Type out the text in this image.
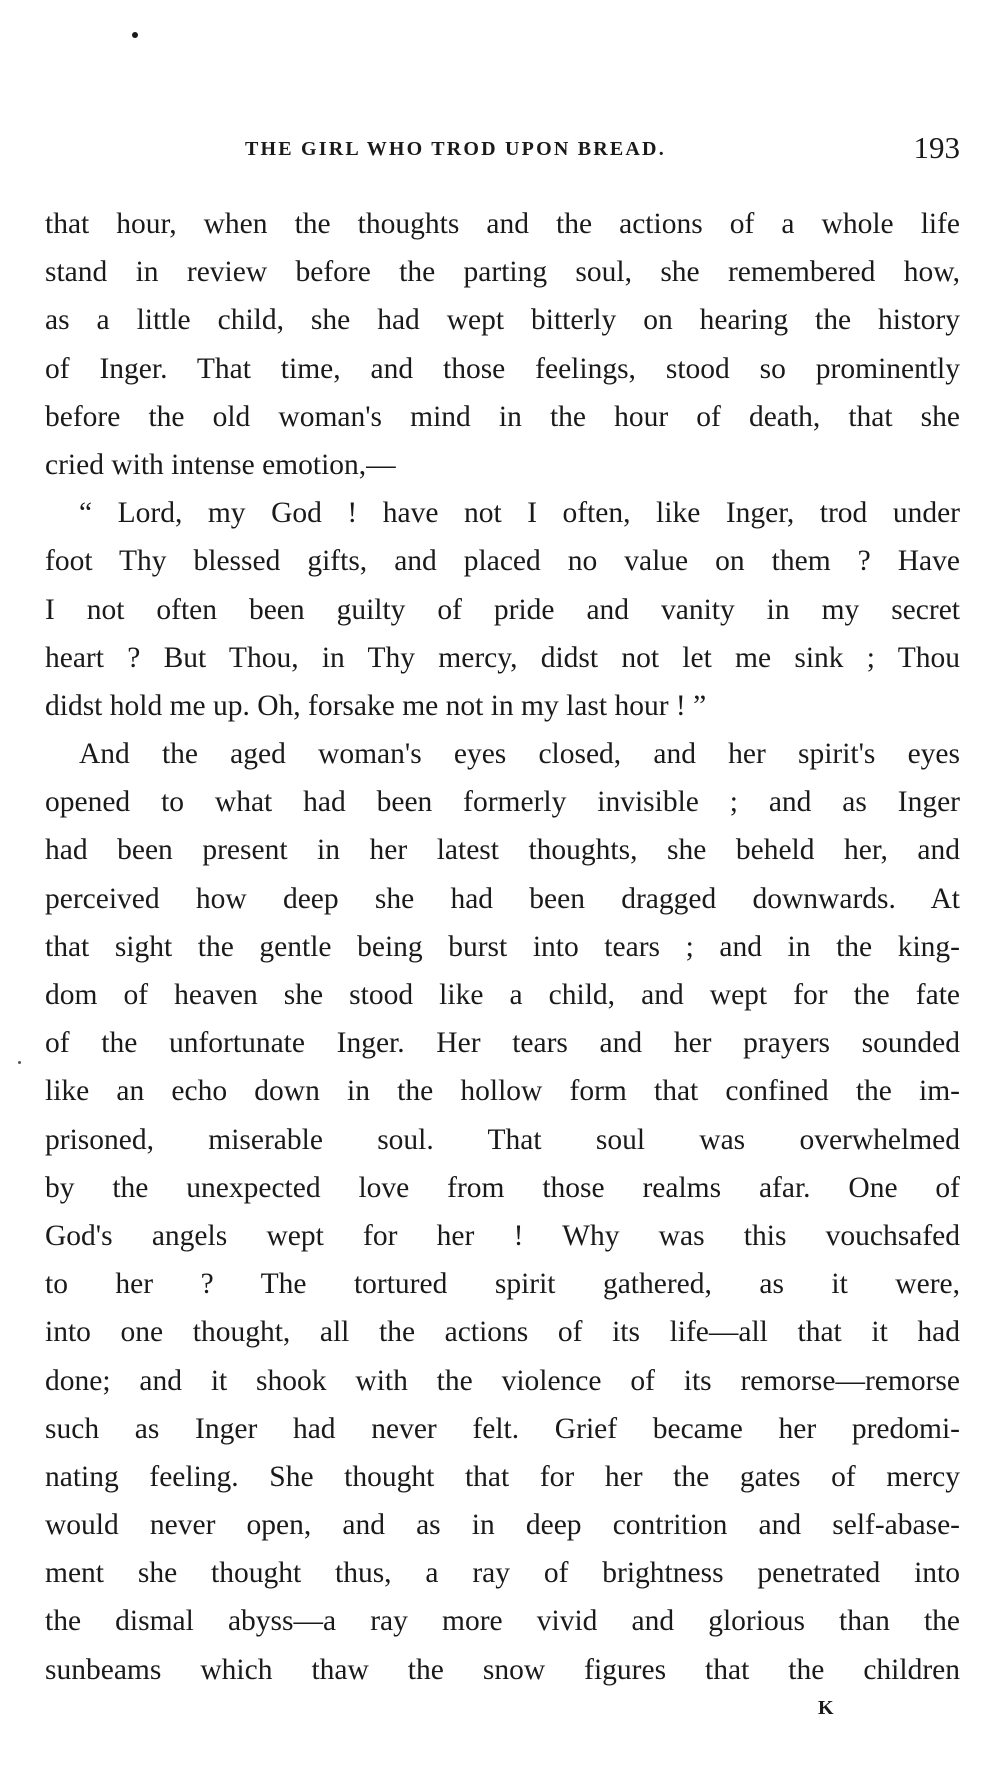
THE GIRL WHO TROD UPON BREAD.	193
that hour, when the thoughts and the actions of a whole life
stand in review before the parting soul, she remembered how,
as a little child, she had wept bitterly on hearing the history
of Inger. That time, and those feelings, stood so prominently
before the old woman's mind in the hour of death, that she
cried with intense emotion,—
“ Lord, my God ! have not I often, like Inger, trod under
foot Thy blessed gifts, and placed no value on them ? Have
I not often been guilty of pride and vanity in my secret
heart ? But Thou, in Thy mercy, didst not let me sink ; Thou
didst hold me up. Oh, forsake me not in my last hour ! ”
And the aged woman's eyes closed, and her spirit's eyes
opened to what had been formerly invisible ; and as Inger
had been present in her latest thoughts, she beheld her, and
perceived how deep she had been dragged downwards. At
that sight the gentle being burst into tears ; and in the king-
dom of heaven she stood like a child, and wept for the fate
of the unfortunate Inger. Her tears and her prayers sounded
like an echo down in the hollow form that confined the im-
prisoned, miserable soul. That soul was overwhelmed
by the unexpected love from those realms afar. One of
God's angels wept for her ! Why was this vouchsafed
to her ? The tortured spirit gathered, as it were,
into one thought, all the actions of its life—all that it had
done; and it shook with the violence of its remorse—remorse
such as Inger had never felt. Grief became her predomi-
nating feeling. She thought that for her the gates of mercy
would never open, and as in deep contrition and self-abase-
ment she thought thus, a ray of brightness penetrated into
the dismal abyss—a ray more vivid and glorious than the
sunbeams which thaw the snow figures that the children
K
